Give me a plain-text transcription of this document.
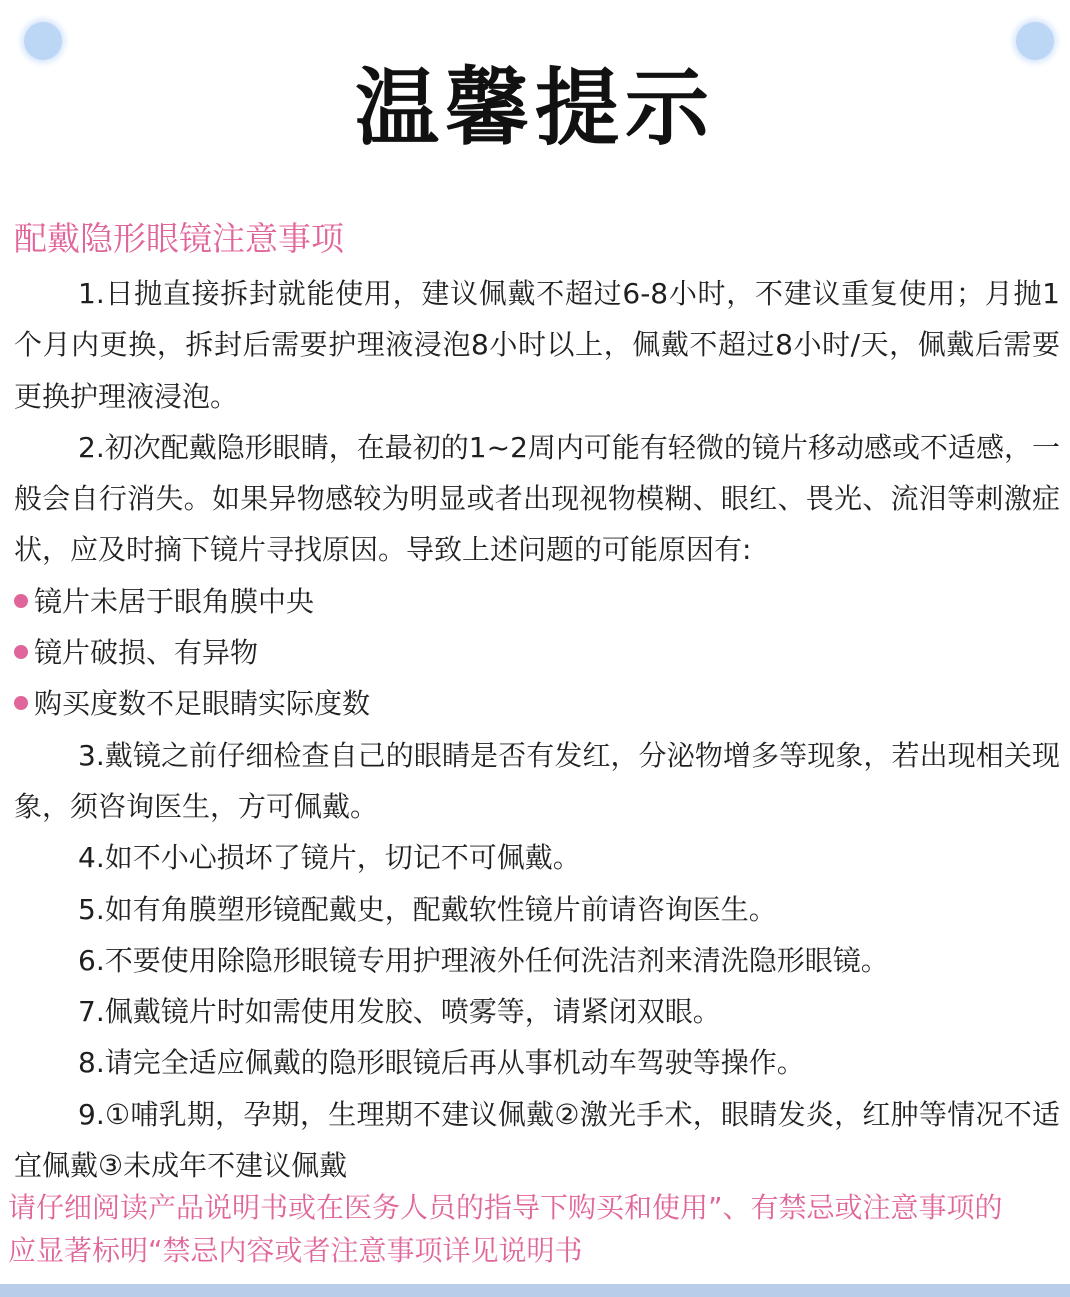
温馨提示
配戴隐形眼镜注意事项

1.日抛直接拆封就能使用，建议佩戴不超过6-8小时，不建议重复使用；月抛1个月内更换，拆封后需要护理液浸泡8小时以上，佩戴不超过8小时/天，佩戴后需要更换护理液浸泡。

2.初次配戴隐形眼睛，在最初的1~2周内可能有轻微的镜片移动感或不适感，一般会自行消失。如果异物感较为明显或者出现视物模糊、眼红、畏光、流泪等刺激症状，应及时摘下镜片寻找原因。导致上述问题的可能原因有:

镜片未居于眼角膜中央

镜片破损、有异物

购买度数不足眼睛实际度数

3.戴镜之前仔细检查自己的眼睛是否有发红，分泌物增多等现象，若出现相关现象，须咨询医生，方可佩戴。

4.如不小心损坏了镜片，切记不可佩戴。

5.如有角膜塑形镜配戴史，配戴软性镜片前请咨询医生。

6.不要使用除隐形眼镜专用护理液外任何洗洁剂来清洗隐形眼镜。

7.佩戴镜片时如需使用发胶、喷雾等，请紧闭双眼。

8.请完全适应佩戴的隐形眼镜后再从事机动车驾驶等操作。

9.①哺乳期，孕期，生理期不建议佩戴②激光手术，眼睛发炎，红肿等情况不适宜佩戴③未成年不建议佩戴

请仔细阅读产品说明书或在医务人员的指导下购买和使用”、有禁忌或注意事项的

应显著标明“禁忌内容或者注意事项详见说明书
